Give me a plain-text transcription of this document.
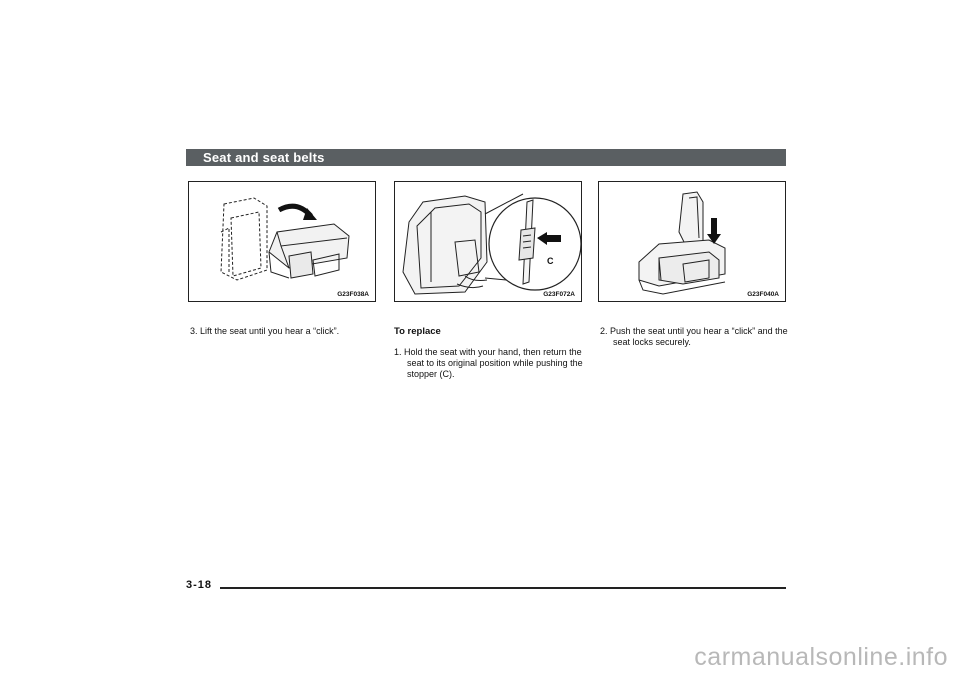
Seat and seat belts
G23F038A
C
G23F072A	G23F040A
3. Lift the seat until you hear a “click”.	To replace
1. Hold the seat with your hand, then return the seat to its original position while pushing the stopper (C).
2. Push the seat until you hear a “click” and the seat locks securely.
3-18
carmanualsonline.info
